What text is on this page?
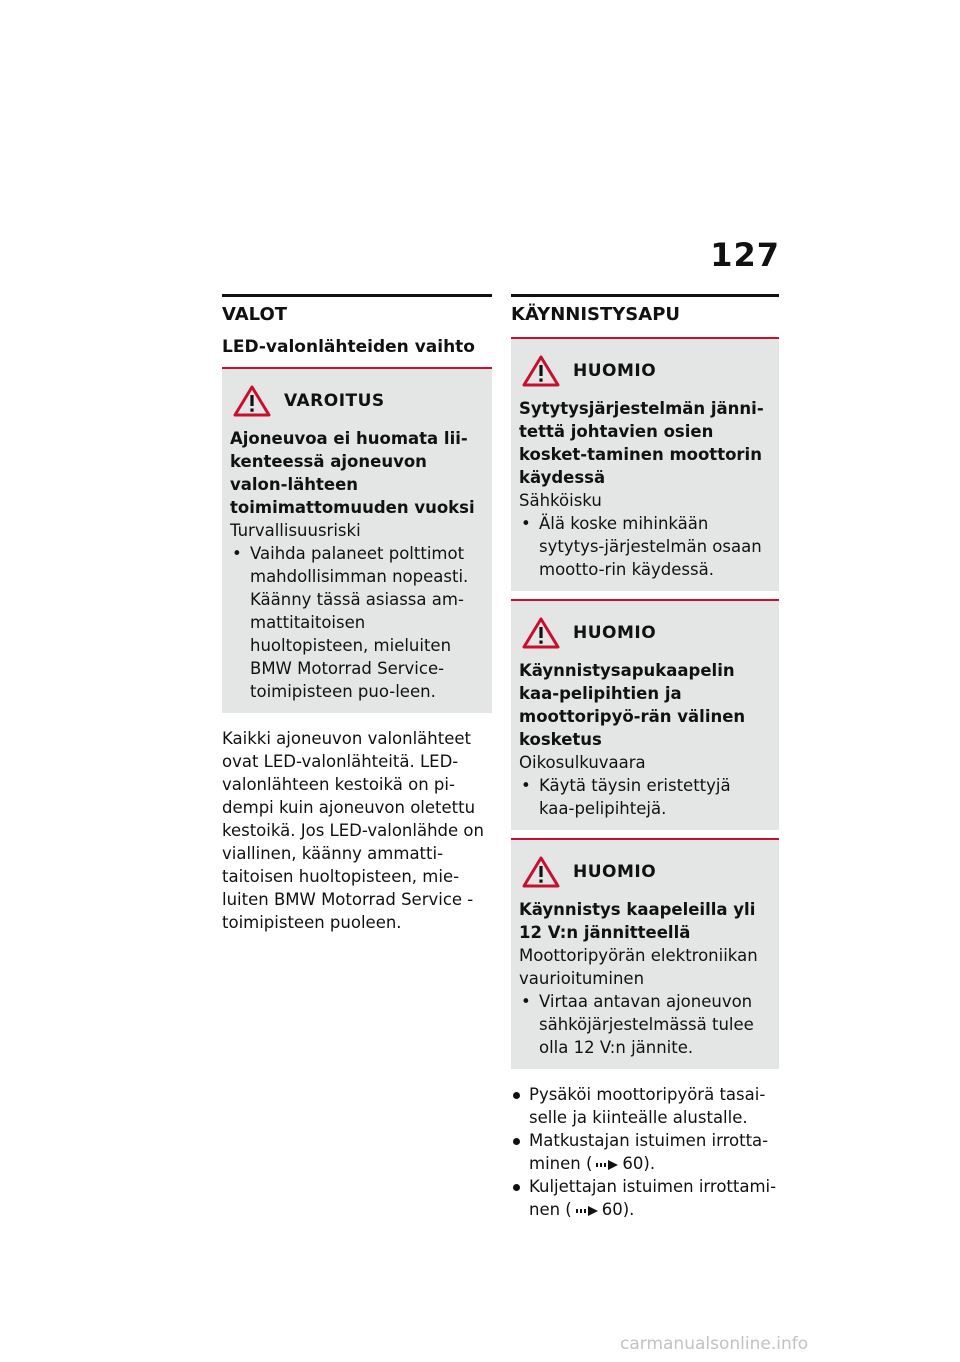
127
VALOT
LED-valonlähteiden vaihto
VAROITUS
Ajoneuvoa ei huomata lii-kenteessä ajoneuvon valon-lähteen toimimattomuuden vuoksi
Turvallisuusriski
• Vaihda palaneet polttimot mahdollisimman nopeasti. Käänny tässä asiassa am-mattitaitoisen huoltopisteen, mieluiten BMW Motorrad Service-toimipisteen puo-leen.

Kaikki ajoneuvon valonlähteet ovat LED-valonlähteitä. LED-valonlähteen kestoikä on pi-dempi kuin ajoneuvon oletettu kestoikä. Jos LED-valonlähde on viallinen, käänny ammatti-taitoisen huoltopisteen, mie-luiten BMW Motorrad Service -toimipisteen puoleen.

KÄYNNISTYSAPU
HUOMIO
Sytytysjärjestelmän jänni-tettä johtavien osien kosket-taminen moottorin käydessä
Sähköisku
• Älä koske mihinkään sytytys-järjestelmän osaan mootto-rin käydessä.
HUOMIO
Käynnistysapukaapelin kaa-pelipihtien ja moottoripyö-rän välinen kosketus
Oikosulkuvaara
• Käytä täysin eristettyjä kaa-pelipihtejä.
HUOMIO
Käynnistys kaapeleilla yli 12 V:n jännitteellä
Moottoripyörän elektroniikan vaurioituminen
• Virtaa antavan ajoneuvon sähköjärjestelmässä tulee olla 12 V:n jännite.
Pysäköi moottoripyörä tasai-selle ja kiinteälle alustalle.
Matkustajan istuimen irrotta-minen ( 60).
Kuljettajan istuimen irrottami-nen ( 60).
carmanualsonline.info
